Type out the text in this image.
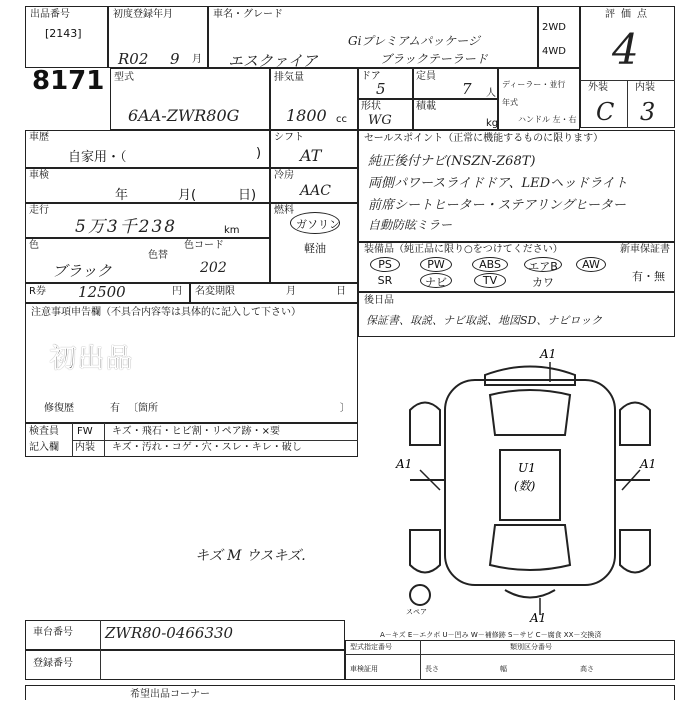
出品番号
[2143]
8171
初度登録年月
R02 9 月
車名・グレード
エスクァイア
Giプレミアムパッケージ
ブラックテーラード
2WD
4WD
評価点
4
外装	内装
C 3
型式
6AA-ZWR80G
排気量
1800 cc
ドア
5
定員
7 人
ディーラー・並行
年式
ハンドル 左・右
形状
WG
積載
kg
車歴
自家用・（	)
シフト
AT
車検
年	月(	日)
冷房
AAC
走行
5万3千238	km
燃料
ガソリン
軽油
色
色替
色コード
ブラック	202
セールスポイント（正常に機能するものに限ります）
純正後付ナビ(NSZN-Z68T)
両側パワースライドドア、LEDヘッドライト
前席シートヒーター・ステアリングヒーター
自動防眩ミラー
装備品（純正品に限り○をつけてください）	新車保証書
PS	PW	ABS	エアB	AW
SR	ナビ	TV	カワ	有・無
R券 12500	円 名変期限	月	日
後日品
保証書、取説、ナビ取説、地図SD、ナビロック
注意事項申告欄（不具合内容等は具体的に記入して下さい）
初出品
修復歴	有 〔箇所	〕
検査員
記入欄
FW キズ・飛石・ヒビ割・リペア跡・×要
内装 キズ・汚れ・コゲ・穴・スレ・キレ・破し
キズ M ウスキズ.
A1
A1	A1
A1
U1
(数)
スペア
車台番号 ZWR80-0466330
登録番号
A－キズ E－エクボ U－凹み W－補修跡 S－サビ C－腐食 XX－交換済
型式指定番号	類別区分番号
車検証用	長さ	幅	高さ
希望出品コーナー
